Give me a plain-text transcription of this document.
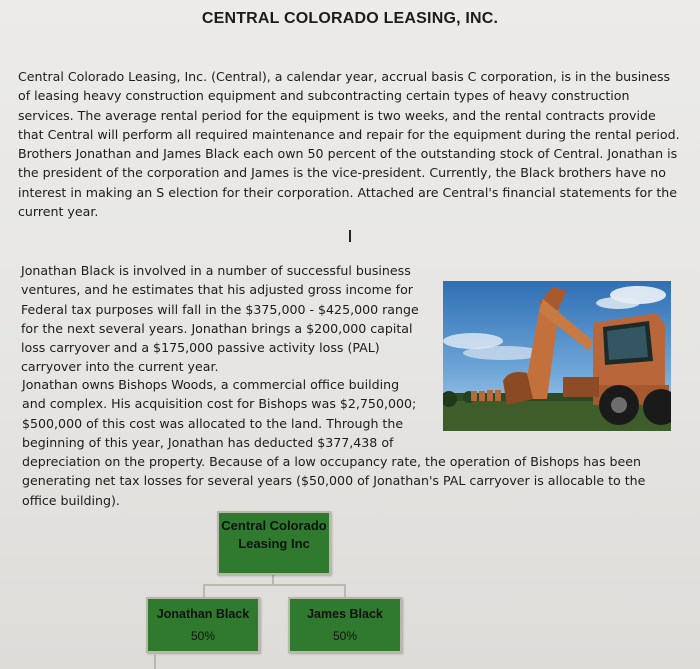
CENTRAL COLORADO LEASING, INC.
Central Colorado Leasing, Inc. (Central), a calendar year, accrual basis C corporation, is in the business of leasing heavy construction equipment and subcontracting certain types of heavy construction services. The average rental period for the equipment is two weeks, and the rental contracts provide that Central will perform all required maintenance and repair for the equipment during the rental period. Brothers Jonathan and James Black each own 50 percent of the outstanding stock of Central. Jonathan is the president of the corporation and James is the vice-president. Currently, the Black brothers have no interest in making an S election for their corporation. Attached are Central's financial statements for the current year.
Jonathan Black is involved in a number of successful business ventures, and he estimates that his adjusted gross income for Federal tax purposes will fall in the $375,000 - $425,000 range for the next several years. Jonathan brings a $200,000 capital loss carryover and a $175,000 passive activity loss (PAL) carryover into the current year.
Jonathan owns Bishops Woods, a commercial office building and complex. His acquisition cost for Bishops was $2,750,000; $500,000 of this cost was allocated to the land. Through the beginning of this year, Jonathan has deducted $377,438 of depreciation on the property. Because of a low occupancy rate, the operation of Bishops has been generating net tax losses for several years ($50,000 of Jonathan's PAL carryover is allocable to the office building).
Central Colorado Leasing Inc
Jonathan Black
50%
James Black
50%
